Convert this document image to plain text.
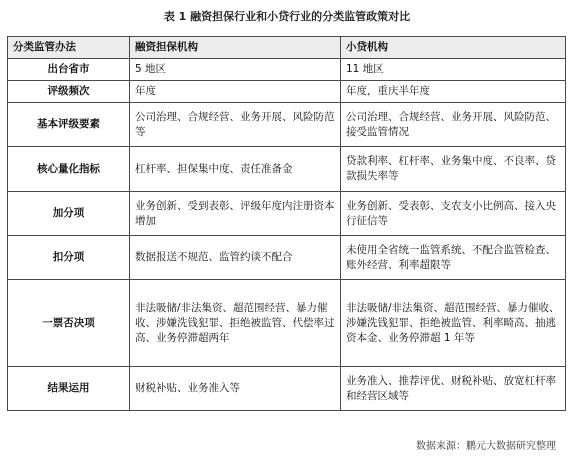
表 1 融资担保行业和小贷行业的分类监管政策对比
分类监管办法	融资担保机构	小贷机构
出台省市	5 地区	11 地区
评级频次	年度	年度，重庆半年度
基本评级要素	公司治理、合规经营、业务开展、风险防范等	公司治理、合规经营、业务开展、风险防范、接受监管情况
核心量化指标	杠杆率、担保集中度、责任准备金	贷款利率、杠杆率、业务集中度、不良率、贷款损失率等
加分项	业务创新、受到表彰、评级年度内注册资本增加	业务创新、受表彰、支农支小比例高、接入央行征信等
扣分项	数据报送不规范、监管约谈不配合	未使用全省统一监管系统、不配合监管检查、账外经营、利率超限等
一票否决项	非法吸储/非法集资、超范围经营、暴力催收、涉嫌洗钱犯罪、拒绝被监管、代偿率过高、业务停滞超两年	非法吸储/非法集资、超范围经营、暴力催收、涉嫌洗钱犯罪、拒绝被监管、利率畸高、抽逃资本金、业务停滞超 1 年等
结果运用	财税补贴、业务准入等	业务准入、推荐评优、财税补贴、放宽杠杆率和经营区域等
数据来源：鹏元大数据研究整理
